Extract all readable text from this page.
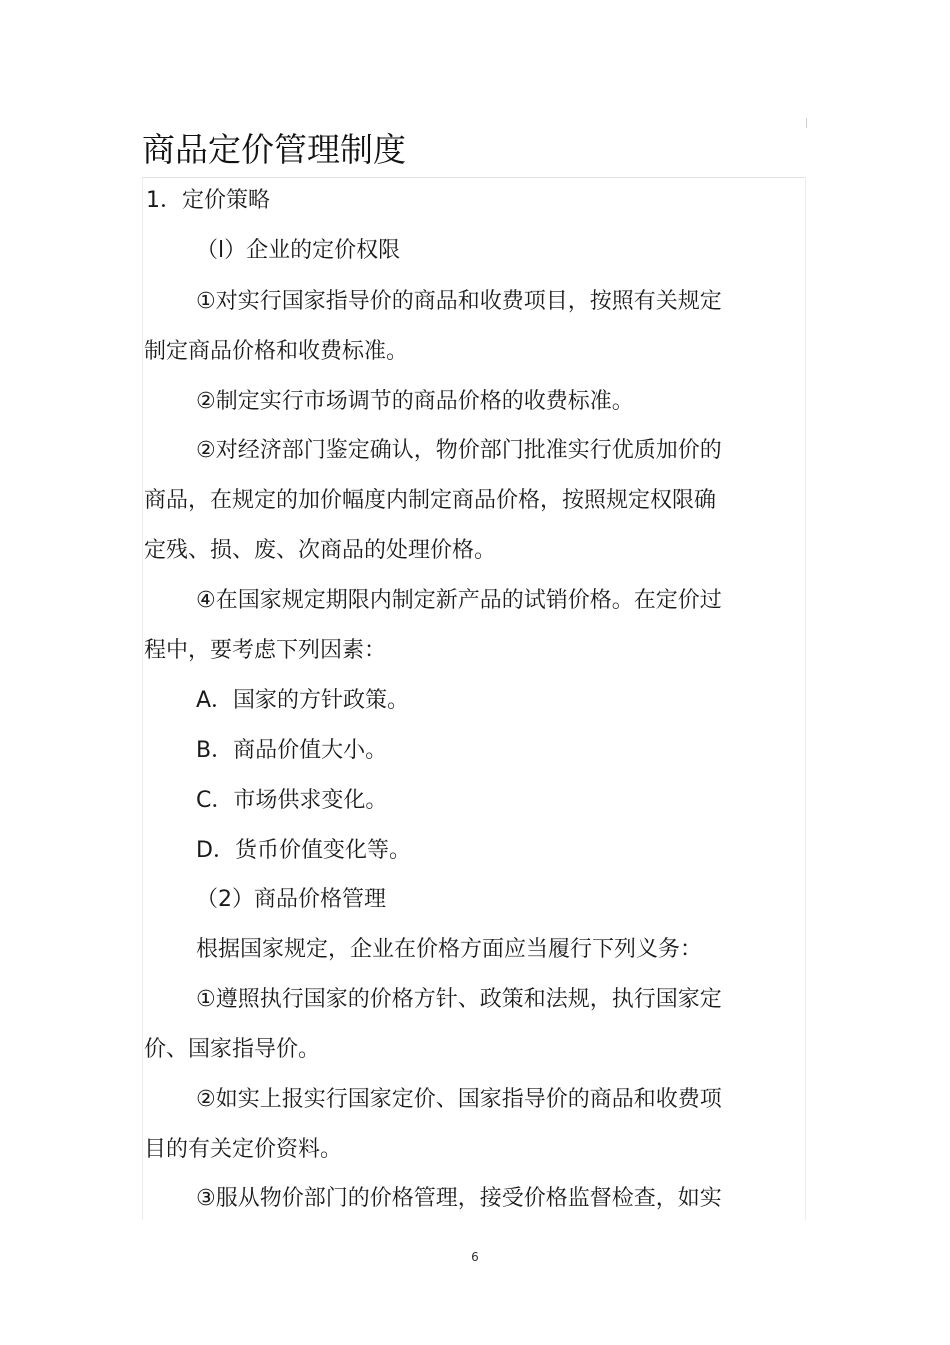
商品定价管理制度
1．定价策略
（l）企业的定价权限
①对实行国家指导价的商品和收费项目，按照有关规定
制定商品价格和收费标准。
②制定实行市场调节的商品价格的收费标准。
②对经济部门鉴定确认，物价部门批准实行优质加价的
商品，在规定的加价幅度内制定商品价格，按照规定权限确
定残、损、废、次商品的处理价格。
④在国家规定期限内制定新产品的试销价格。在定价过
程中，要考虑下列因素：
A．国家的方针政策。
B．商品价值大小。
C．市场供求变化。
D．货币价值变化等。
（2）商品价格管理
根据国家规定，企业在价格方面应当履行下列义务：
①遵照执行国家的价格方针、政策和法规，执行国家定
价、国家指导价。
②如实上报实行国家定价、国家指导价的商品和收费项
目的有关定价资料。
③服从物价部门的价格管理，接受价格监督检查，如实
6
